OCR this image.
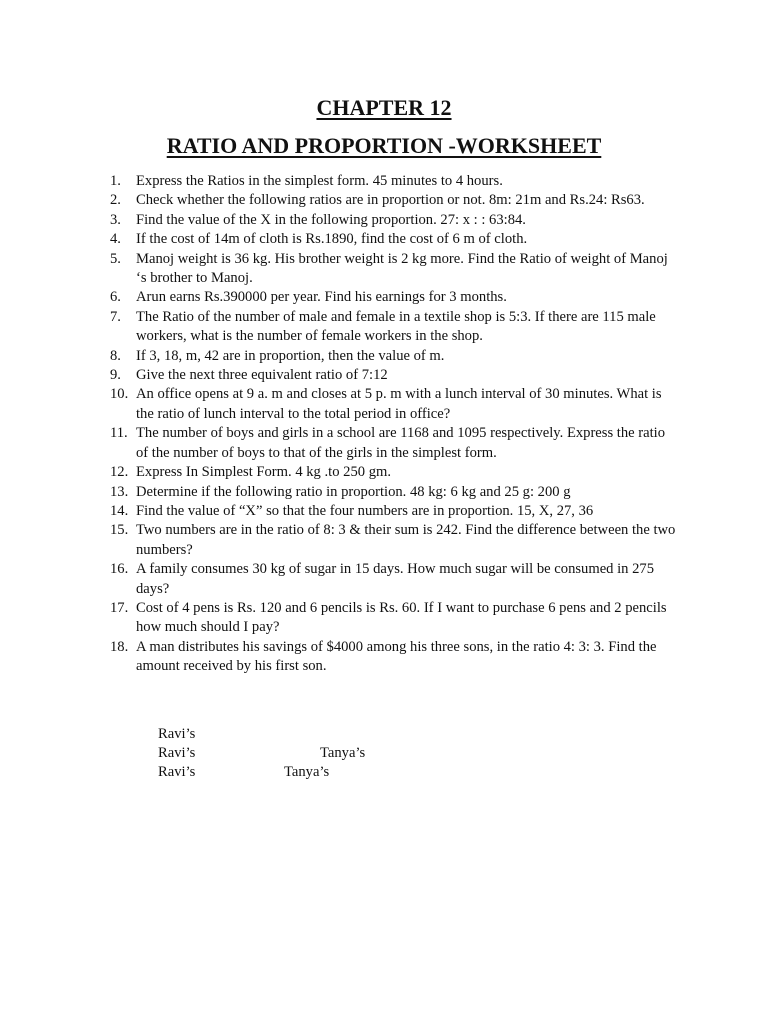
CHAPTER 12
RATIO AND PROPORTION -WORKSHEET
1. Express the Ratios in the simplest form. 45 minutes to 4 hours.
2. Check whether the following ratios are in proportion or not. 8m: 21m and Rs.24: Rs63.
3. Find the value of the X in the following proportion. 27: x : : 63:84.
4. If the cost of 14m of cloth is Rs.1890, find the cost of 6 m of cloth.
5. Manoj weight is 36 kg. His brother weight is 2 kg more. Find the Ratio of weight of Manoj ‘s brother to Manoj.
6. Arun earns Rs.390000 per year. Find his earnings for 3 months.
7. The Ratio of the number of male and female in a textile shop is 5:3. If there are 115 male workers, what is the number of female workers in the shop.
8. If 3, 18, m, 42 are in proportion, then the value of m.
9. Give the next three equivalent ratio of 7:12
10. An office opens at 9 a. m and closes at 5 p. m with a lunch interval of 30 minutes. What is the ratio of lunch interval to the total period in office?
11. The number of boys and girls in a school are 1168 and 1095 respectively. Express the ratio of the number of boys to that of the girls in the simplest form.
12. Express In Simplest Form. 4 kg .to 250 gm.
13. Determine if the following ratio in proportion. 48 kg: 6 kg and 25 g: 200 g
14. Find the value of “X” so that the four numbers are in proportion. 15, X, 27, 36
15. Two numbers are in the ratio of 8: 3 & their sum is 242. Find the difference between the two numbers?
16. A family consumes 30 kg of sugar in 15 days. How much sugar will be consumed in 275 days?
17. Cost of 4 pens is Rs. 120 and 6 pencils is Rs. 60. If I want to purchase 6 pens and 2 pencils how much should I pay?
18. A man distributes his savings of $4000 among his three sons, in the ratio 4: 3: 3. Find the amount received by his first son.
Ravi’s
Ravi’s	Tanya’s
Ravi’s	Tanya’s
